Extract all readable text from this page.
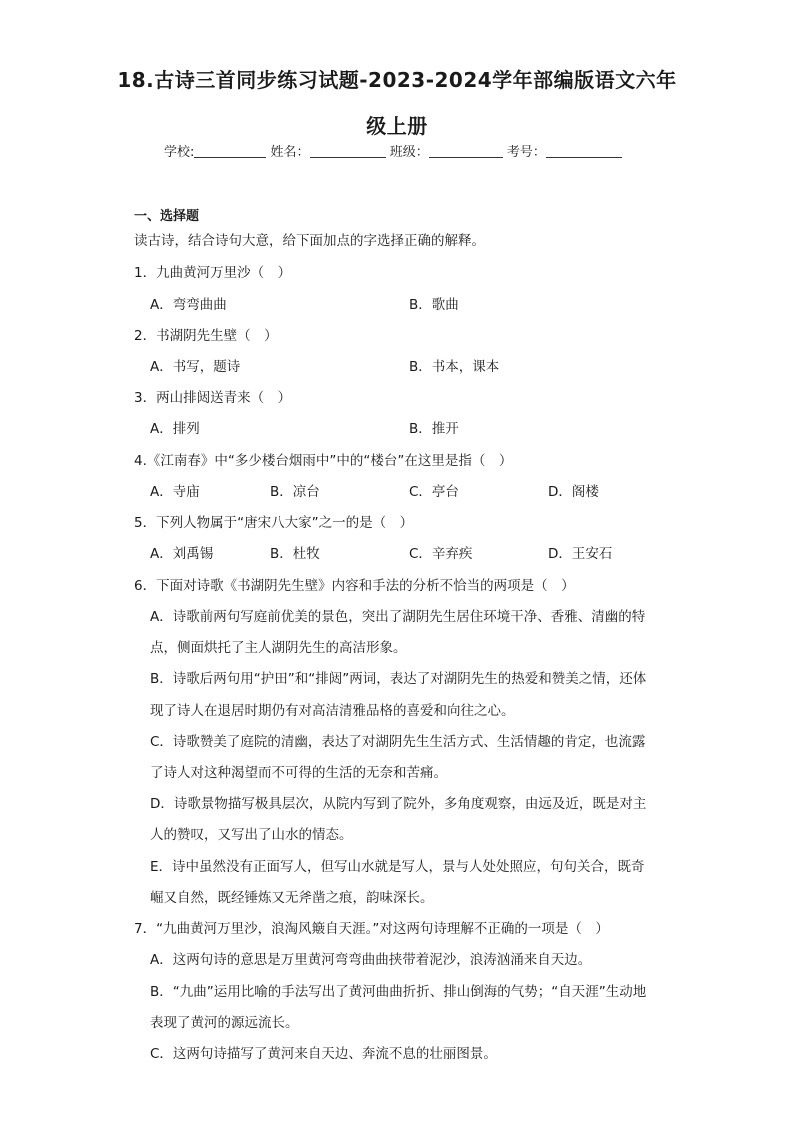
18.古诗三首同步练习试题-2023-2024学年部编版语文六年
级上册
学校:	姓名：	班级：	考号：
一、选择题
读古诗，结合诗句大意，给下面加点的字选择正确的解释。
1．九曲黄河万里沙（　）
A．弯弯曲曲	B．歌曲
2．书湖阴先生壁（　）
A．书写，题诗	B．书本，课本
3．两山排闼送青来（　）
A．排列	B．推开
4.《江南春》中“多少楼台烟雨中”中的“楼台”在这里是指（　）
A．寺庙	B．凉台	C．亭台	D．阁楼
5．下列人物属于“唐宋八大家”之一的是（　）
A．刘禹锡	B．杜牧	C．辛弃疾	D．王安石
6．下面对诗歌《书湖阴先生壁》内容和手法的分析不恰当的两项是（　）
A．诗歌前两句写庭前优美的景色，突出了湖阴先生居住环境干净、香雅、清幽的特
点，侧面烘托了主人湖阴先生的高洁形象。
B．诗歌后两句用“护田”和“排闼”两词，表达了对湖阴先生的热爱和赞美之情，还体
现了诗人在退居时期仍有对高洁清雅品格的喜爱和向往之心。
C．诗歌赞美了庭院的清幽，表达了对湖阴先生生活方式、生活情趣的肯定，也流露
了诗人对这种渴望而不可得的生活的无奈和苦痛。
D．诗歌景物描写极具层次，从院内写到了院外，多角度观察，由远及近，既是对主
人的赞叹，又写出了山水的情态。
E．诗中虽然没有正面写人，但写山水就是写人，景与人处处照应，句句关合，既奇
崛又自然，既经锤炼又无斧凿之痕，韵味深长。
7．“九曲黄河万里沙，浪淘风簸自天涯。”对这两句诗理解不正确的一项是（　）
A．这两句诗的意思是万里黄河弯弯曲曲挟带着泥沙，浪涛汹涌来自天边。
B．“九曲”运用比喻的手法写出了黄河曲曲折折、排山倒海的气势；“自天涯”生动地
表现了黄河的源远流长。
C．这两句诗描写了黄河来自天边、奔流不息的壮丽图景。
